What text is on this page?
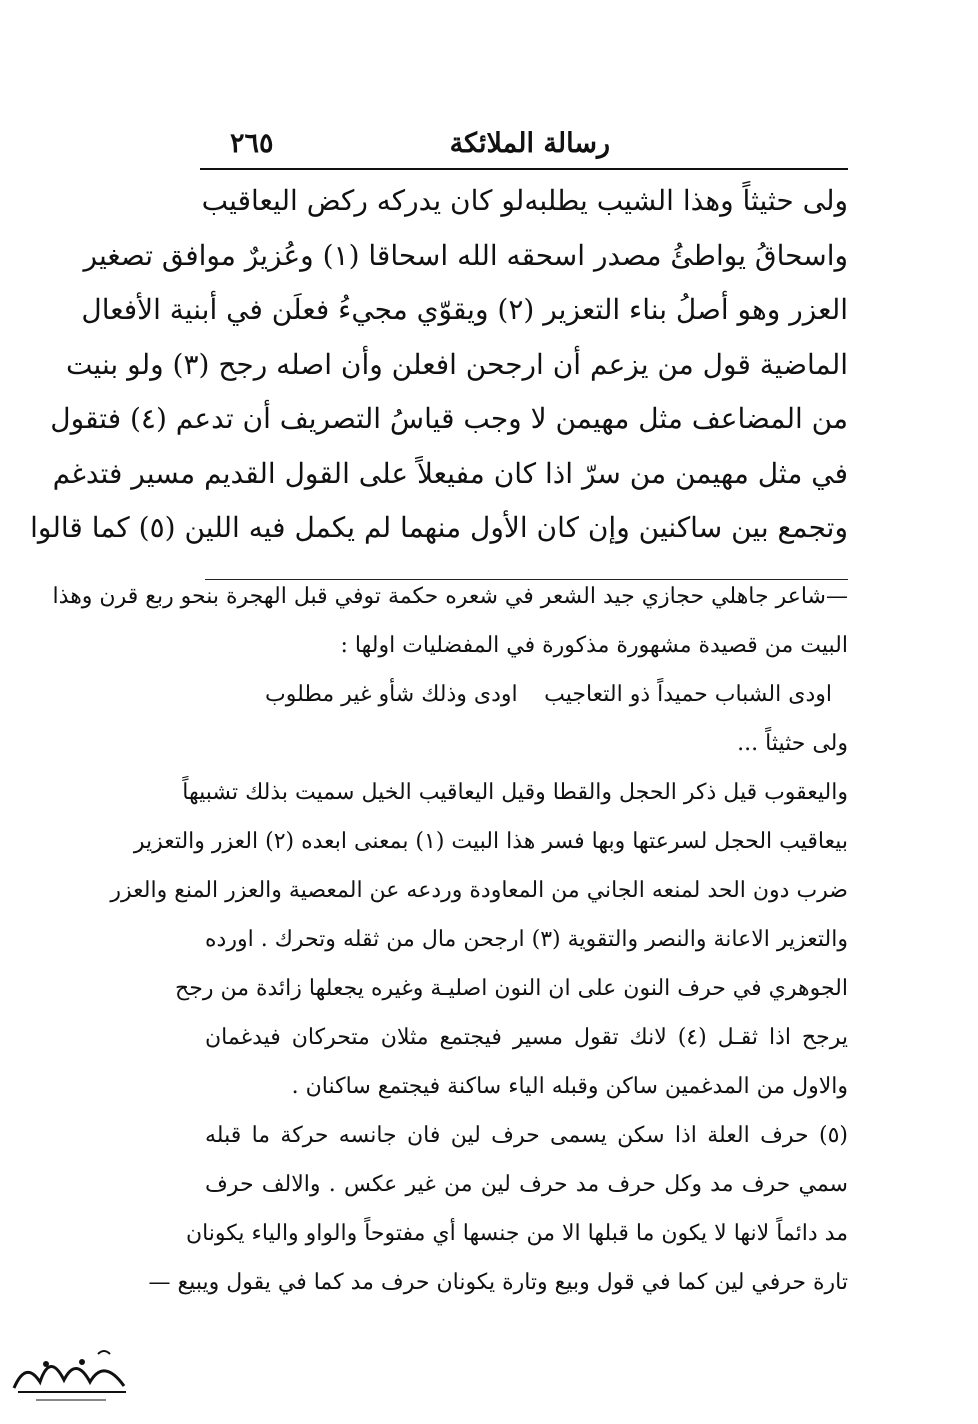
رسالة الملائكة
٢٦٥
ولى حثيثاً وهذا الشيب يطلبه
لو كان يدركه ركض اليعاقيب
واسحاقُ يواطئُ مصدر اسحقه الله اسحاقا (١) وعُزيرٌ موافق تصغير
العزر وهو أصلُ بناء التعزير (٢) ويقوّي مجيءُ فعلَن في أبنية الأفعال
الماضية قول من يزعم أن ارجحن افعلن وأن اصله رجح (٣) ولو بنيت
من المضاعف مثل مهيمن لا وجب قياسُ التصريف أن تدعم (٤) فتقول
في مثل مهيمن من سرّ اذا كان مفيعلاً على القول القديم مسير فتدغم
وتجمع بين ساكنين وإن كان الأول منهما لم يكمل فيه اللين (٥) كما قالوا
—شاعر جاهلي حجازي جيد الشعر في شعره حكمة توفي قبل الهجرة بنحو ربع قرن وهذا
البيت من قصيدة مشهورة مذكورة في المفضليات اولها :
اودى الشباب حميداً ذو التعاجيب
اودى وذلك شأو غير مطلوب
ولى حثيثاً ...
واليعقوب قيل ذكر الحجل والقطا وقيل اليعاقيب الخيل سميت بذلك تشبيهاً
بيعاقيب الحجل لسرعتها وبها فسر هذا البيت (١) بمعنى ابعده (٢) العزر والتعزير
ضرب دون الحد لمنعه الجاني من المعاودة وردعه عن المعصية والعزر المنع والعزر
والتعزير الاعانة والنصر والتقوية (٣) ارجحن مال من ثقله وتحرك . اورده
الجوهري في حرف النون على ان النون اصليـة وغيره يجعلها زائدة من رجح
يرجح اذا ثقـل (٤) لانك تقول مسير فيجتمع مثلان متحركان فيدغمان
والاول من المدغمين ساكن وقبله الياء ساكنة فيجتمع ساكنان .
(٥) حرف العلة اذا سكن يسمى حرف لين فان جانسه حركة ما قبله
سمي حرف مد وكل حرف مد حرف لين من غير عكس . والالف حرف
مد دائماً لانها لا يكون ما قبلها الا من جنسها أي مفتوحاً والواو والياء يكونان
تارة حرفي لين كما في قول وبيع وتارة يكونان حرف مد كما في يقول ويبيع —
